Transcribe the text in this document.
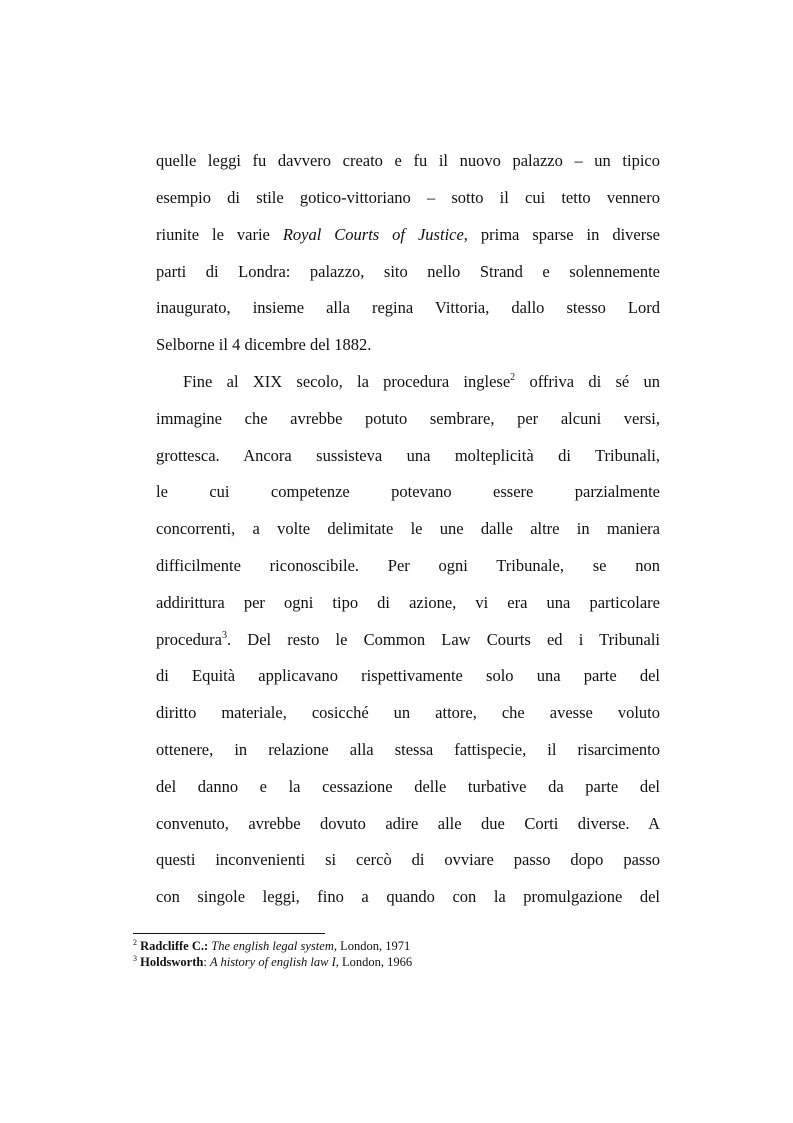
quelle leggi fu davvero creato e fu il nuovo palazzo – un tipico
esempio di stile gotico-vittoriano – sotto il cui tetto vennero
riunite le varie Royal Courts of Justice, prima sparse in diverse
parti di Londra: palazzo, sito nello Strand e solennemente
inaugurato, insieme alla regina Vittoria, dallo stesso Lord
Selborne il 4 dicembre del 1882.
Fine al XIX secolo, la procedura inglese$^2$ offriva di sé un
immagine che avrebbe potuto sembrare, per alcuni versi,
grottesca. Ancora sussisteva una molteplicità di Tribunali,
le cui competenze potevano essere parzialmente
concorrenti, a volte delimitate le une dalle altre in maniera
difficilmente riconoscibile. Per ogni Tribunale, se non
addirittura per ogni tipo di azione, vi era una particolare
procedura$^3$. Del resto le Common Law Courts ed i Tribunali
di Equità applicavano rispettivamente solo una parte del
diritto materiale, cosicché un attore, che avesse voluto
ottenere, in relazione alla stessa fattispecie, il risarcimento
del danno e la cessazione delle turbative da parte del
convenuto, avrebbe dovuto adire alle due Corti diverse. A
questi inconvenienti si cercò di ovviare passo dopo passo
con singole leggi, fino a quando con la promulgazione del
$^2$ Radcliffe C.: The english legal system, London, 1971
$^3$ Holdsworth: A history of english law I, London, 1966
